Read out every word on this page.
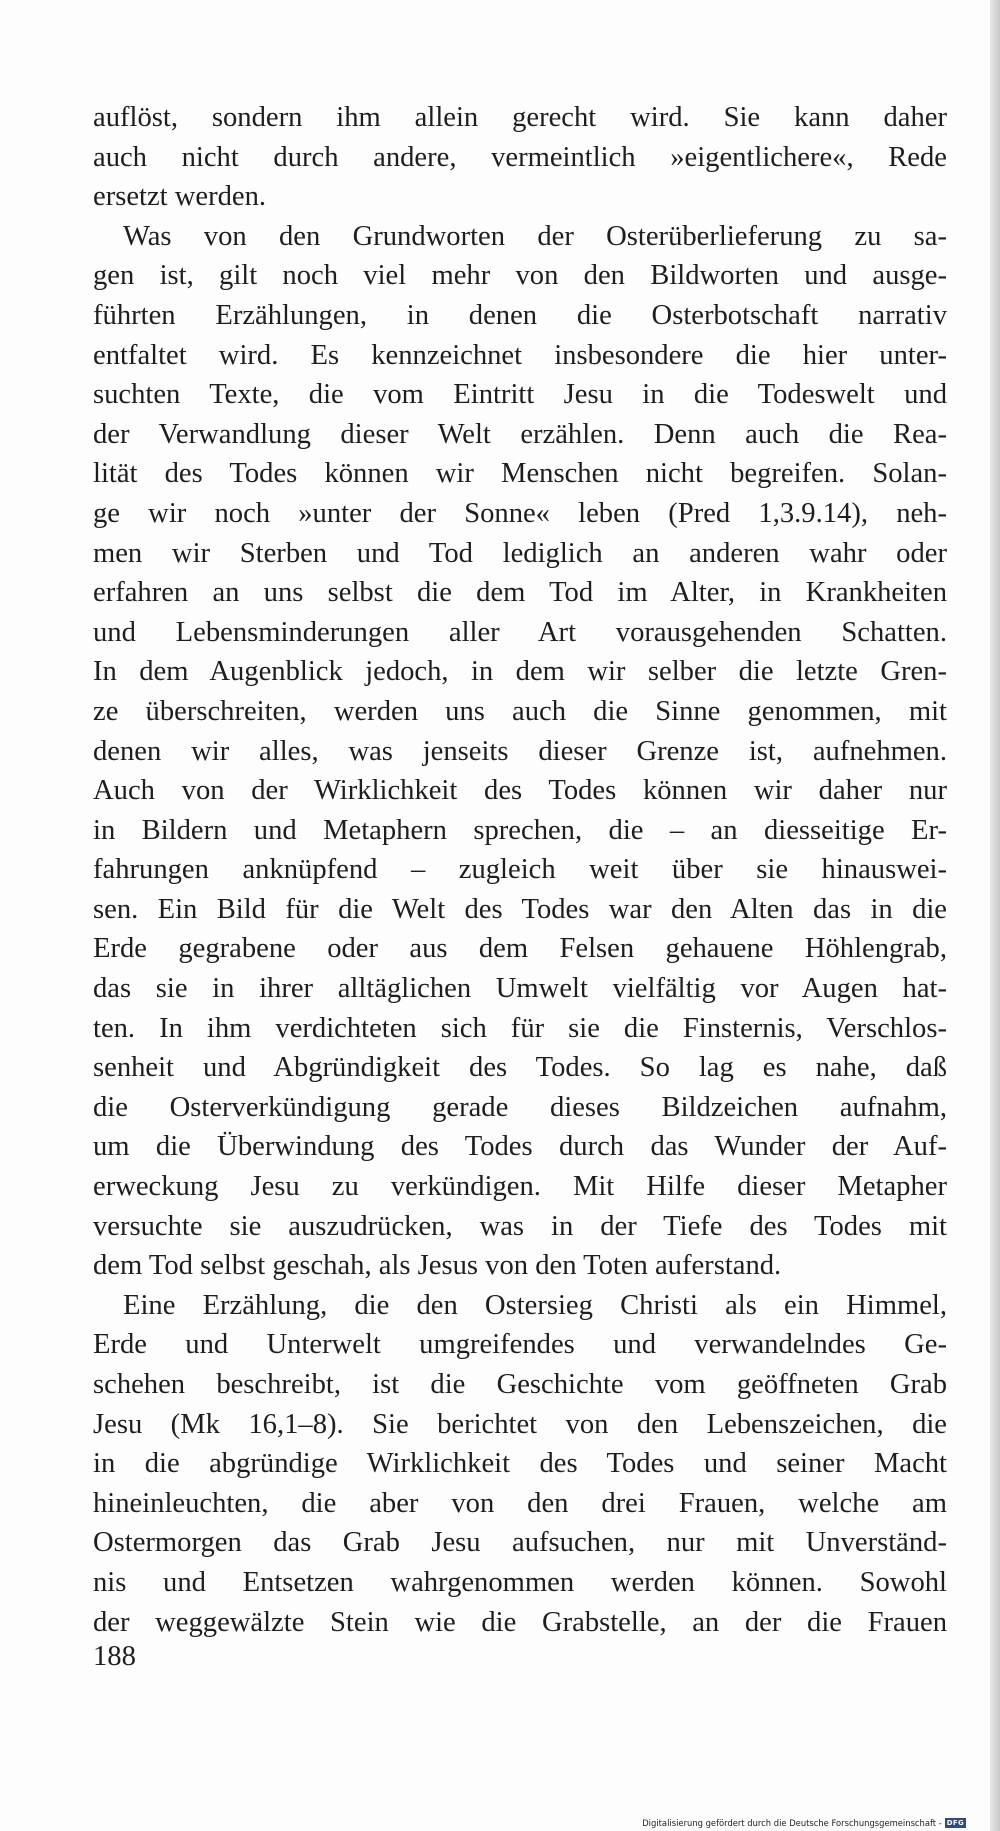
auflöst, sondern ihm allein gerecht wird. Sie kann daher
auch nicht durch andere, vermeintlich »eigentlichere«, Rede
ersetzt werden.
Was von den Grundworten der Osterüberlieferung zu sa-
gen ist, gilt noch viel mehr von den Bildworten und ausge-
führten Erzählungen, in denen die Osterbotschaft narrativ
entfaltet wird. Es kennzeichnet insbesondere die hier unter-
suchten Texte, die vom Eintritt Jesu in die Todeswelt und
der Verwandlung dieser Welt erzählen. Denn auch die Rea-
lität des Todes können wir Menschen nicht begreifen. Solan-
ge wir noch »unter der Sonne« leben (Pred 1,3.9.14), neh-
men wir Sterben und Tod lediglich an anderen wahr oder
erfahren an uns selbst die dem Tod im Alter, in Krankheiten
und Lebensminderungen aller Art vorausgehenden Schatten.
In dem Augenblick jedoch, in dem wir selber die letzte Gren-
ze überschreiten, werden uns auch die Sinne genommen, mit
denen wir alles, was jenseits dieser Grenze ist, aufnehmen.
Auch von der Wirklichkeit des Todes können wir daher nur
in Bildern und Metaphern sprechen, die – an diesseitige Er-
fahrungen anknüpfend – zugleich weit über sie hinauswei-
sen. Ein Bild für die Welt des Todes war den Alten das in die
Erde gegrabene oder aus dem Felsen gehauene Höhlengrab,
das sie in ihrer alltäglichen Umwelt vielfältig vor Augen hat-
ten. In ihm verdichteten sich für sie die Finsternis, Verschlos-
senheit und Abgründigkeit des Todes. So lag es nahe, daß
die Osterverkündigung gerade dieses Bildzeichen aufnahm,
um die Überwindung des Todes durch das Wunder der Auf-
erweckung Jesu zu verkündigen. Mit Hilfe dieser Metapher
versuchte sie auszudrücken, was in der Tiefe des Todes mit
dem Tod selbst geschah, als Jesus von den Toten auferstand.
Eine Erzählung, die den Ostersieg Christi als ein Himmel,
Erde und Unterwelt umgreifendes und verwandelndes Ge-
schehen beschreibt, ist die Geschichte vom geöffneten Grab
Jesu (Mk 16,1–8). Sie berichtet von den Lebenszeichen, die
in die abgründige Wirklichkeit des Todes und seiner Macht
hineinleuchten, die aber von den drei Frauen, welche am
Ostermorgen das Grab Jesu aufsuchen, nur mit Unverständ-
nis und Entsetzen wahrgenommen werden können. Sowohl
der weggewälzte Stein wie die Grabstelle, an der die Frauen
188
Digitalisierung gefördert durch die Deutsche Forschungsgemeinschaft - DFG
